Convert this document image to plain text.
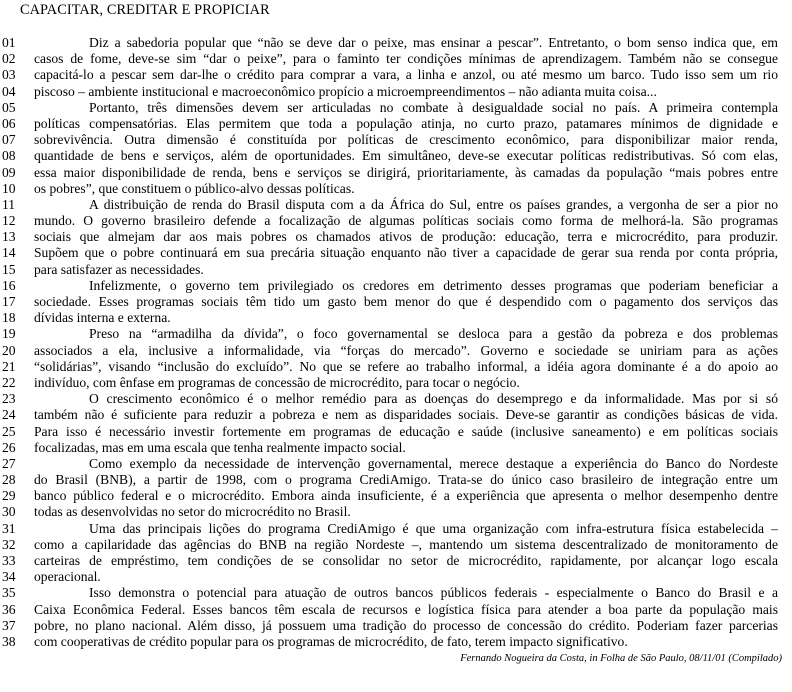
CAPACITAR, CREDITAR E PROPICIAR
01	Diz a sabedoria popular que “não se deve dar o peixe, mas ensinar a pescar”. Entretanto, o bom senso indica que, em
02	casos de fome, deve-se sim “dar o peixe”, para o faminto ter condições mínimas de aprendizagem. Também não se consegue
03	capacitá-lo a pescar sem dar-lhe o crédito para comprar a vara, a linha e anzol, ou até mesmo um barco. Tudo isso sem um rio
04	piscoso – ambiente institucional e macroeconômico propício a microempreendimentos – não adianta muita coisa...
05	Portanto, três dimensões devem ser articuladas no combate à desigualdade social no país. A primeira contempla
06	políticas compensatórias. Elas permitem que toda a população atinja, no curto prazo, patamares mínimos de dignidade e
07	sobrevivência. Outra dimensão é constituída por políticas de crescimento econômico, para disponibilizar maior renda,
08	quantidade de bens e serviços, além de oportunidades. Em simultâneo, deve-se executar políticas redistributivas. Só com elas,
09	essa maior disponibilidade de renda, bens e serviços se dirigirá, prioritariamente, às camadas da população “mais pobres entre
10	os pobres”, que constituem o público-alvo dessas políticas.
11	A distribuição de renda do Brasil disputa com a da África do Sul, entre os países grandes, a vergonha de ser a pior no
12	mundo. O governo brasileiro defende a focalização de algumas políticas sociais como forma de melhorá-la. São programas
13	sociais que almejam dar aos mais pobres os chamados ativos de produção: educação, terra e microcrédito, para produzir.
14	Supõem que o pobre continuará em sua precária situação enquanto não tiver a capacidade de gerar sua renda por conta própria,
15	para satisfazer as necessidades.
16	Infelizmente, o governo tem privilegiado os credores em detrimento desses programas que poderiam beneficiar a
17	sociedade. Esses programas sociais têm tido um gasto bem menor do que é despendido com o pagamento dos serviços das
18	dívidas interna e externa.
19	Preso na “armadilha da dívida”, o foco governamental se desloca para a gestão da pobreza e dos problemas
20	associados a ela, inclusive a informalidade, via “forças do mercado”. Governo e sociedade se uniriam para as ações
21	“solidárias”, visando “inclusão do excluído”. No que se refere ao trabalho informal, a idéia agora dominante é a do apoio ao
22	indivíduo, com ênfase em programas de concessão de microcrédito, para tocar o negócio.
23	O crescimento econômico é o melhor remédio para as doenças do desemprego e da informalidade. Mas por si só
24	também não é suficiente para reduzir a pobreza e nem as disparidades sociais. Deve-se garantir as condições básicas de vida.
25	Para isso é necessário investir fortemente em programas de educação e saúde (inclusive saneamento) e em políticas sociais
26	focalizadas, mas em uma escala que tenha realmente impacto social.
27	Como exemplo da necessidade de intervenção governamental, merece destaque a experiência do Banco do Nordeste
28	do Brasil (BNB), a partir de 1998, com o programa CrediAmigo. Trata-se do único caso brasileiro de integração entre um
29	banco público federal e o microcrédito. Embora ainda insuficiente, é a experiência que apresenta o melhor desempenho dentre
30	todas as desenvolvidas no setor do microcrédito no Brasil.
31	Uma das principais lições do programa CrediAmigo é que uma organização com infra-estrutura física estabelecida –
32	como a capilaridade das agências do BNB na região Nordeste –, mantendo um sistema descentralizado de monitoramento de
33	carteiras de empréstimo, tem condições de se consolidar no setor de microcrédito, rapidamente, por alcançar logo escala
34	operacional.
35	Isso demonstra o potencial para atuação de outros bancos públicos federais - especialmente o Banco do Brasil e a
36	Caixa Econômica Federal. Esses bancos têm escala de recursos e logística física para atender a boa parte da população mais
37	pobre, no plano nacional. Além disso, já possuem uma tradição do processo de concessão do crédito. Poderiam fazer parcerias
38	com cooperativas de crédito popular para os programas de microcrédito, de fato, terem impacto significativo.
Fernando Nogueira da Costa, in Folha de São Paulo, 08/11/01 (Compilado)
